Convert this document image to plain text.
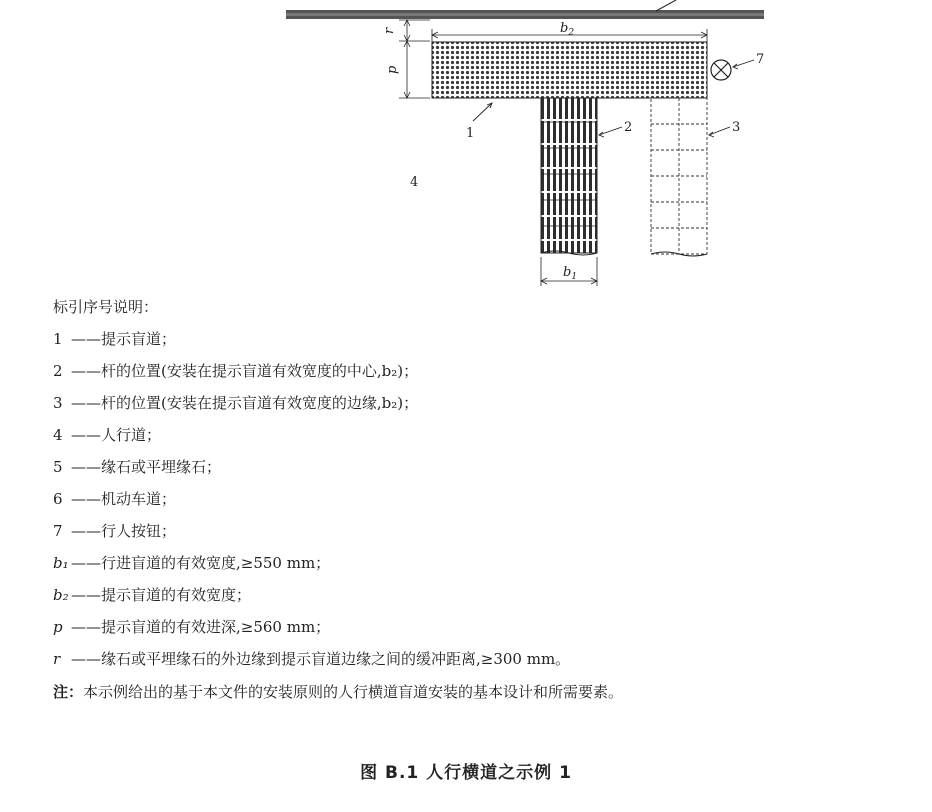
r
p
$b_2$
$b_1$
1	2	3
4
7
标引序号说明：
1 ——提示盲道；
2 ——杆的位置(安装在提示盲道有效宽度的中心,b₂)；
3 ——杆的位置(安装在提示盲道有效宽度的边缘,b₂)；
4 ——人行道；
5 ——缘石或平埋缘石；
6 ——机动车道；
7 ——行人按钮；
b₁ ——行进盲道的有效宽度,≥550 mm；
b₂ ——提示盲道的有效宽度；
p ——提示盲道的有效进深,≥560 mm；
r ——缘石或平埋缘石的外边缘到提示盲道边缘之间的缓冲距离,≥300 mm。
注：本示例给出的基于本文件的安装原则的人行横道盲道安装的基本设计和所需要素。
图 B.1 人行横道之示例 1
